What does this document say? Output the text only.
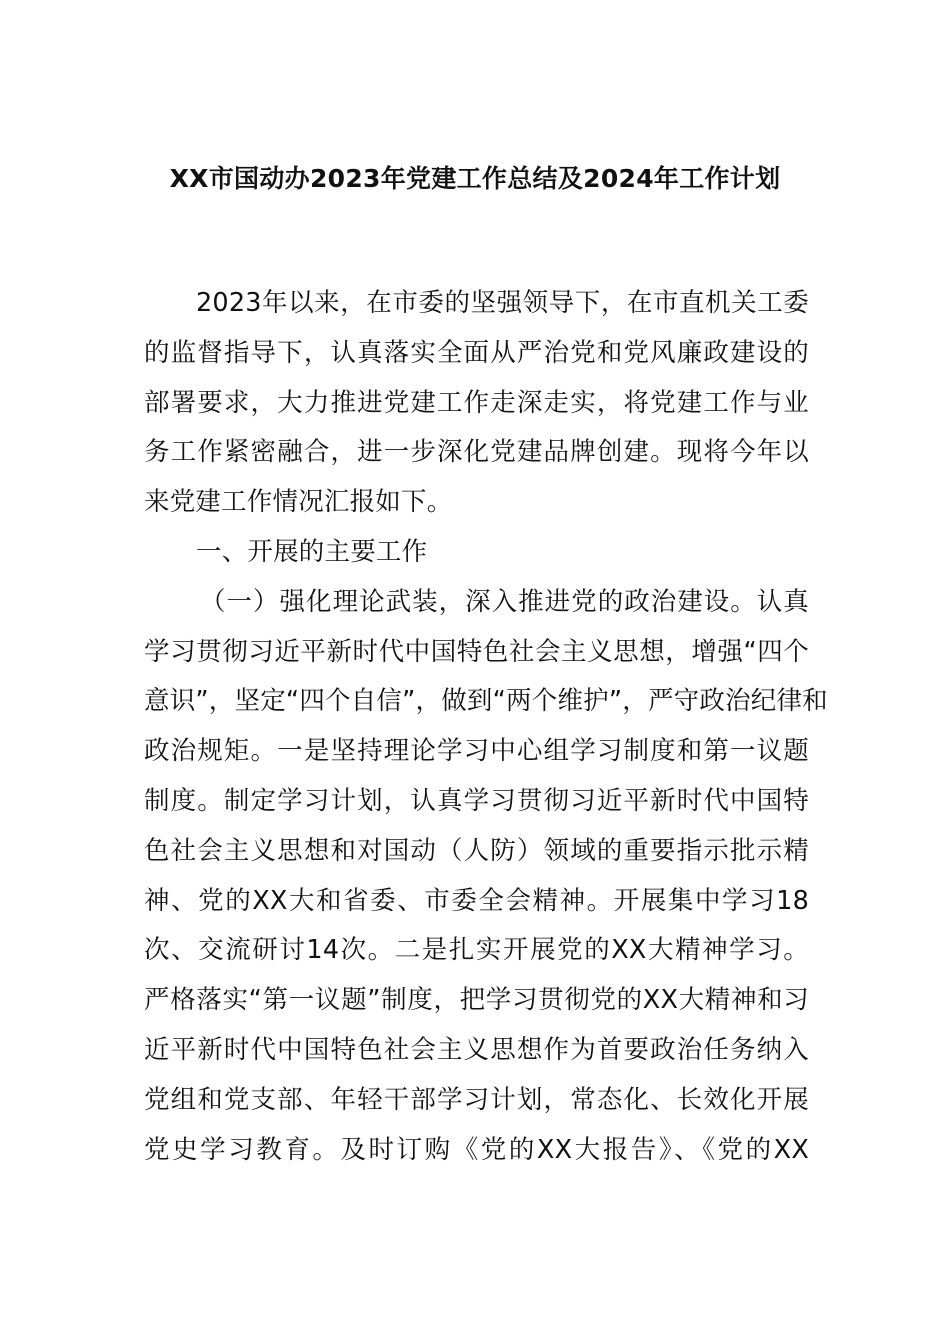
XX市国动办2023年党建工作总结及2024年工作计划
2023年以来，在市委的坚强领导下，在市直机关工委
的监督指导下，认真落实全面从严治党和党风廉政建设的
部署要求，大力推进党建工作走深走实，将党建工作与业
务工作紧密融合，进一步深化党建品牌创建。现将今年以
来党建工作情况汇报如下。
一、开展的主要工作
（一）强化理论武装，深入推进党的政治建设。认真
学习贯彻习近平新时代中国特色社会主义思想，增强“四个
意识”，坚定“四个自信”，做到“两个维护”，严守政治纪律和
政治规矩。一是坚持理论学习中心组学习制度和第一议题
制度。制定学习计划，认真学习贯彻习近平新时代中国特
色社会主义思想和对国动（人防）领域的重要指示批示精
神、党的XX大和省委、市委全会精神。开展集中学习18
次、交流研讨14次。二是扎实开展党的XX大精神学习。
严格落实“第一议题”制度，把学习贯彻党的XX大精神和习
近平新时代中国特色社会主义思想作为首要政治任务纳入
党组和党支部、年轻干部学习计划，常态化、长效化开展
党史学习教育。及时订购《党的XX大报告》、《党的XX
